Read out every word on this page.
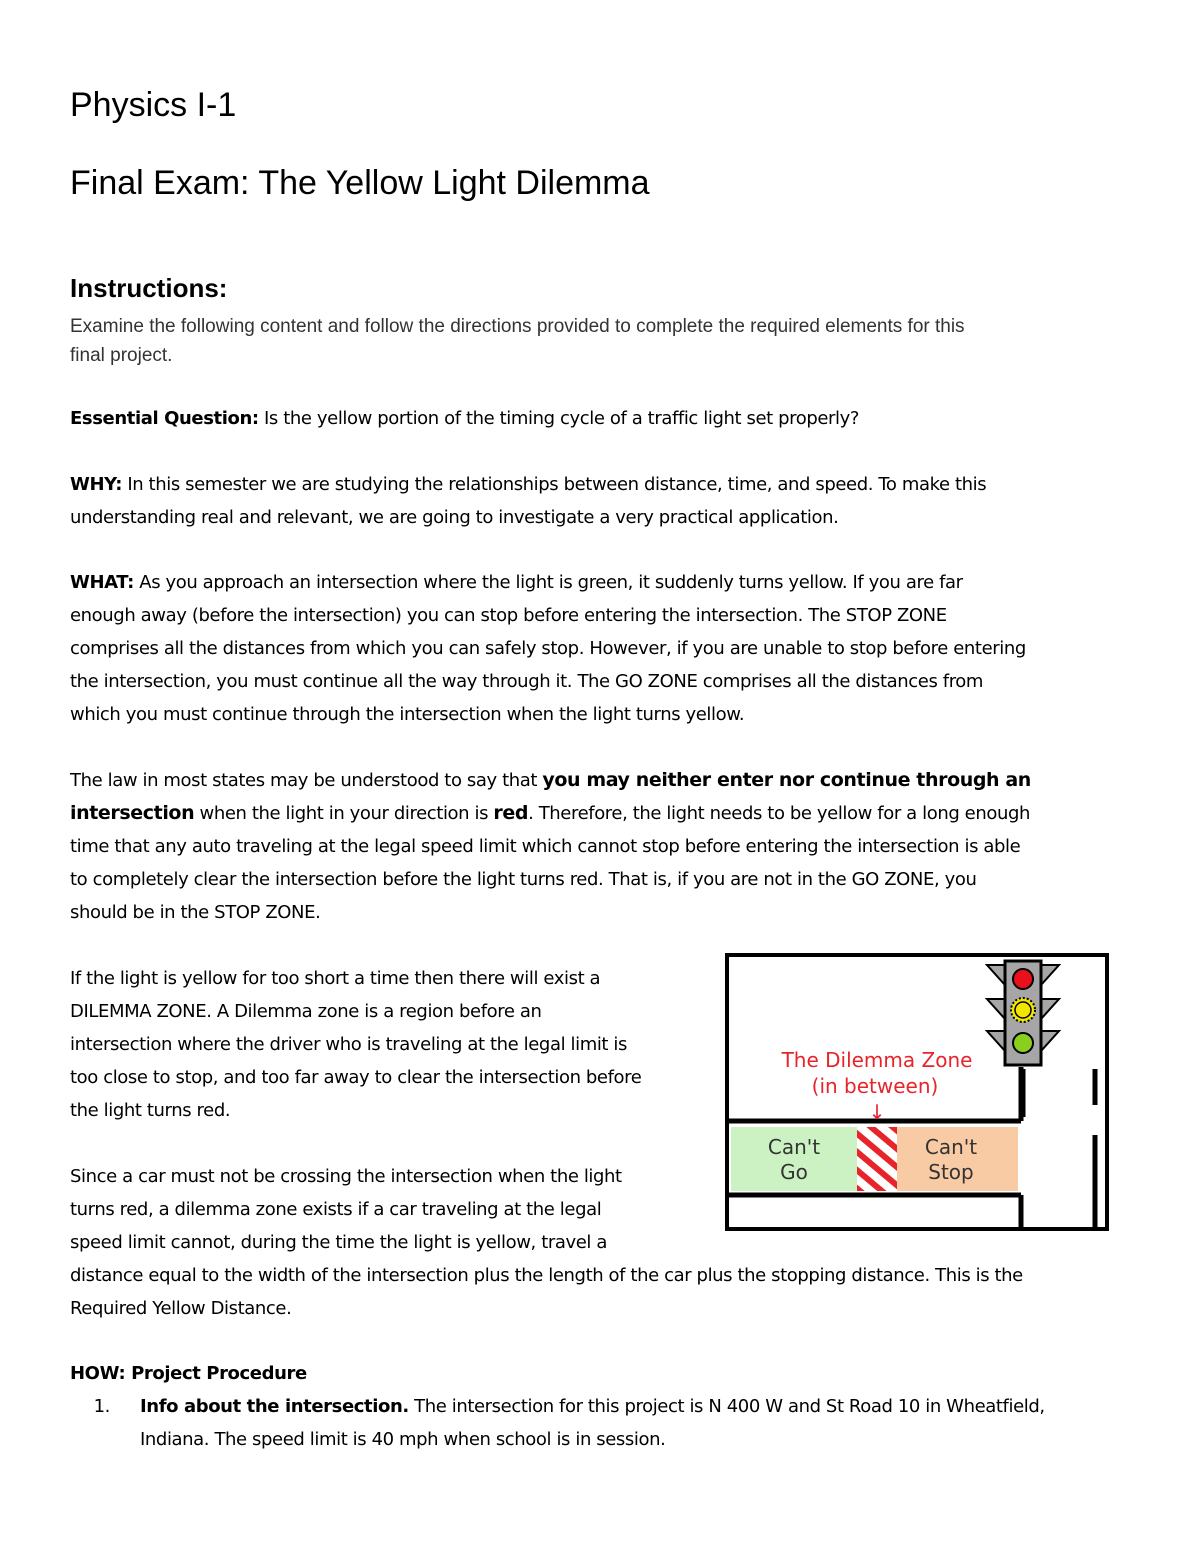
Physics I-1
Final Exam: The Yellow Light Dilemma
Instructions:
Examine the following content and follow the directions provided to complete the required elements for this
final project.

Essential Question: Is the yellow portion of the timing cycle of a traffic light set properly?

WHY: In this semester we are studying the relationships between distance, time, and speed. To make this

understanding real and relevant, we are going to investigate a very practical application.

WHAT: As you approach an intersection where the light is green, it suddenly turns yellow. If you are far

enough away (before the intersection) you can stop before entering the intersection. The STOP ZONE

comprises all the distances from which you can safely stop. However, if you are unable to stop before entering

the intersection, you must continue all the way through it. The GO ZONE comprises all the distances from

which you must continue through the intersection when the light turns yellow.

The law in most states may be understood to say that you may neither enter nor continue through an

intersection when the light in your direction is red. Therefore, the light needs to be yellow for a long enough

time that any auto traveling at the legal speed limit which cannot stop before entering the intersection is able

to completely clear the intersection before the light turns red. That is, if you are not in the GO ZONE, you

should be in the STOP ZONE.

If the light is yellow for too short a time then there will exist a

DILEMMA ZONE. A Dilemma zone is a region before an

intersection where the driver who is traveling at the legal limit is

too close to stop, and too far away to clear the intersection before

the light turns red.

Since a car must not be crossing the intersection when the light

turns red, a dilemma zone exists if a car traveling at the legal

speed limit cannot, during the time the light is yellow, travel a

distance equal to the width of the intersection plus the length of the car plus the stopping distance. This is the

Required Yellow Distance.

Can't
Go
Can't
Stop
The Dilemma Zone
(in between)
↓

HOW: Project Procedure

1. Info about the intersection. The intersection for this project is N 400 W and St Road 10 in Wheatfield,

Indiana. The speed limit is 40 mph when school is in session.
